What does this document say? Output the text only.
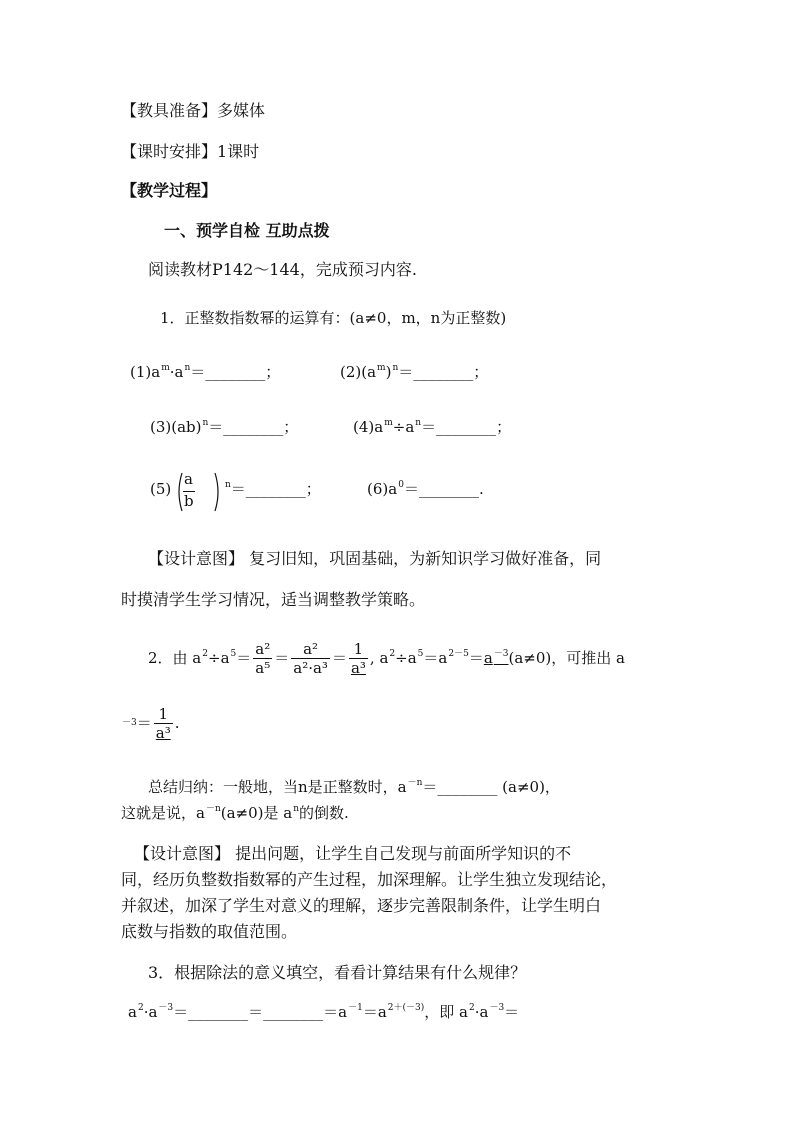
【教具准备】多媒体
【课时安排】1课时
【教学过程】
一、预学自检 互助点拨
阅读教材P142～144，完成预习内容.
1．正整数指数幂的运算有：(a≠0，m，n为正整数)
$(1)a^m\cdot a^n=\_\_\_\_\_\_\_\_$；	$(2)(a^m)^n=\_\_\_\_\_\_\_\_$；
(3)(ab)$^n$＝________；	$(4)a^m\div a^n=\_\_\_\_\_\_\_\_$；
(5)
a
b
$^n$＝________；	$(6)a^0=\_\_\_\_\_\_\_\_$.
【设计意图】 复习旧知，巩固基础，为新知识学习做好准备，同
时摸清学生学习情况，适当调整教学策略。
2．由 $a^2\div a^5= \frac{\text{a²}}{\text{a⁵}} = \frac{\text{a²}}{\text{a²·a³}} = \frac{1}{\text{a³}}$ , $a^2\div a^5=a^{2-5}=a^{-3}(a\ne 0)$，可推出 a
$-3= \frac{1}{\text{a³}}$ .
总结归纳：一般地，当n是正整数时，$a^{-n}=\_\_\_\_\_\_\_\_$ (a≠0)，
这就是说，$a^{-n}(a\ne 0)$是 $a^n$的倒数.
【设计意图】 提出问题，让学生自己发现与前面所学知识的不
同，经历负整数指数幂的产生过程，加深理解。让学生独立发现结论，
并叙述，加深了学生对意义的理解，逐步完善限制条件，让学生明白
底数与指数的取值范围。
3．根据除法的意义填空，看看计算结果有什么规律？
$a^2\cdot a^{-3}=\_\_\_\_\_\_\_\_=\_\_\_\_\_\_\_\_=a^{-1}=a^{2+(-3)}$，即 $a^2\cdot a^{-3}=$
